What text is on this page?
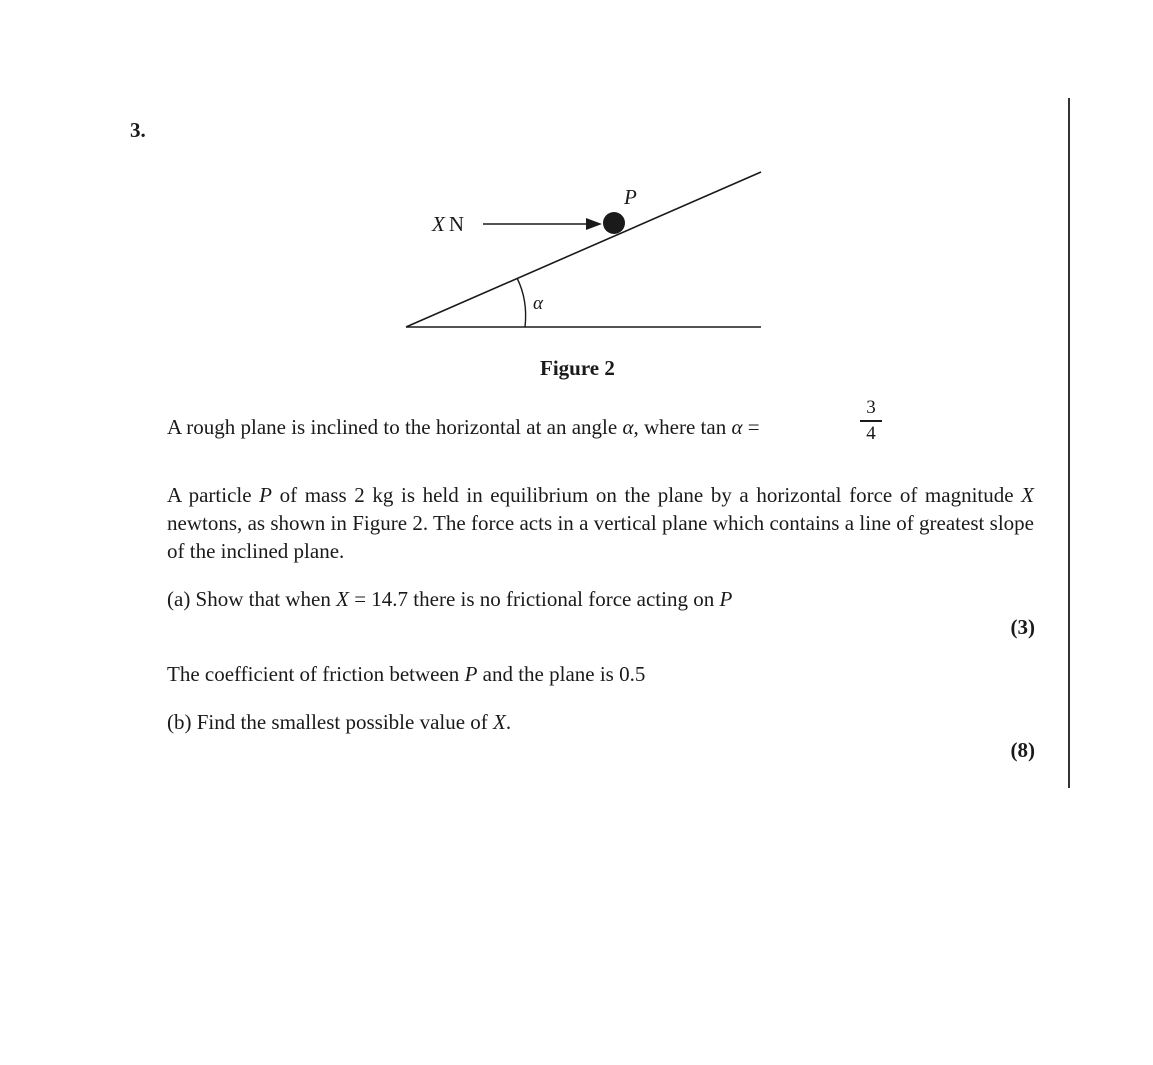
3.
X N
P
α
Figure 2
A rough plane is inclined to the horizontal at an angle α, where tan α =
3
4
A particle P of mass 2 kg is held in equilibrium on the plane by a horizontal force of magnitude X newtons, as shown in Figure 2. The force acts in a vertical plane which contains a line of greatest slope of the inclined plane.
(a) Show that when X = 14.7 there is no frictional force acting on P
(3)
The coefficient of friction between P and the plane is 0.5
(b) Find the smallest possible value of X.
(8)
